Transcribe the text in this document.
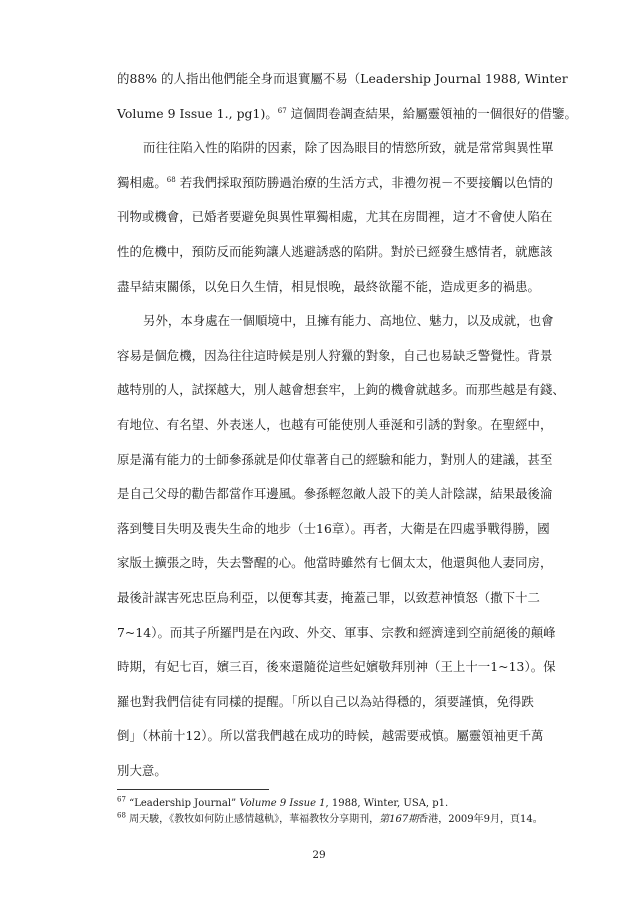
的88% 的人指出他們能全身而退實屬不易（Leadership Journal 1988, Winter
Volume 9 Issue 1., pg1)。$^{67}$ 這個問卷調查結果，給屬靈領袖的一個很好的借鑒。
而往往陷入性的陷阱的因素，除了因為眼目的情慾所致，就是常常與異性單
獨相處。$^{68}$ 若我們採取預防勝過治療的生活方式，非禮勿視－不要接觸以色情的
刊物或機會，已婚者要避免與異性單獨相處，尤其在房間裡，這才不會使人陷在
性的危機中，預防反而能夠讓人逃避誘惑的陷阱。對於已經發生感情者，就應該
盡早結束關係，以免日久生情，相見恨晚，最終欲罷不能，造成更多的禍患。
另外，本身處在一個順境中，且擁有能力、高地位、魅力，以及成就，也會
容易是個危機，因為往往這時候是別人狩獵的對象，自己也易缺乏警覺性。背景
越特別的人，試探越大，別人越會想套牢，上鉤的機會就越多。而那些越是有錢、
有地位、有名望、外表迷人，也越有可能使別人垂涎和引誘的對象。在聖經中，
原是滿有能力的士師參孫就是仰仗靠著自己的經驗和能力，對別人的建議，甚至
是自己父母的勸告都當作耳邊風。參孫輕忽敵人設下的美人計陰謀，結果最後淪
落到雙目失明及喪失生命的地步（士16章）。再者，大衛是在四處爭戰得勝，國
家版土擴張之時，失去警醒的心。他當時雖然有七個太太，他還與他人妻同房，
最後計謀害死忠臣烏利亞，以便奪其妻，掩蓋己罪，以致惹神憤怒（撒下十二
7~14）。而其子所羅門是在內政、外交、軍事、宗教和經濟達到空前絕後的顛峰
時期，有妃七百，嬪三百，後來還隨從這些妃嬪敬拜別神（王上十一1~13）。保
羅也對我們信徒有同樣的提醒。「所以自己以為站得穩的，須要謹慎，免得跌
倒」（林前十12）。所以當我們越在成功的時候，越需要戒慎。屬靈領袖更千萬
別大意。
$^{67}$ “Leadership Journal” Volume 9 Issue 1, 1988, Winter, USA, p1.
$^{68}$ 周天駿，《教牧如何防止感情越軌》，華福教牧分享期刊，第167期香港，2009年9月，頁14。
29
